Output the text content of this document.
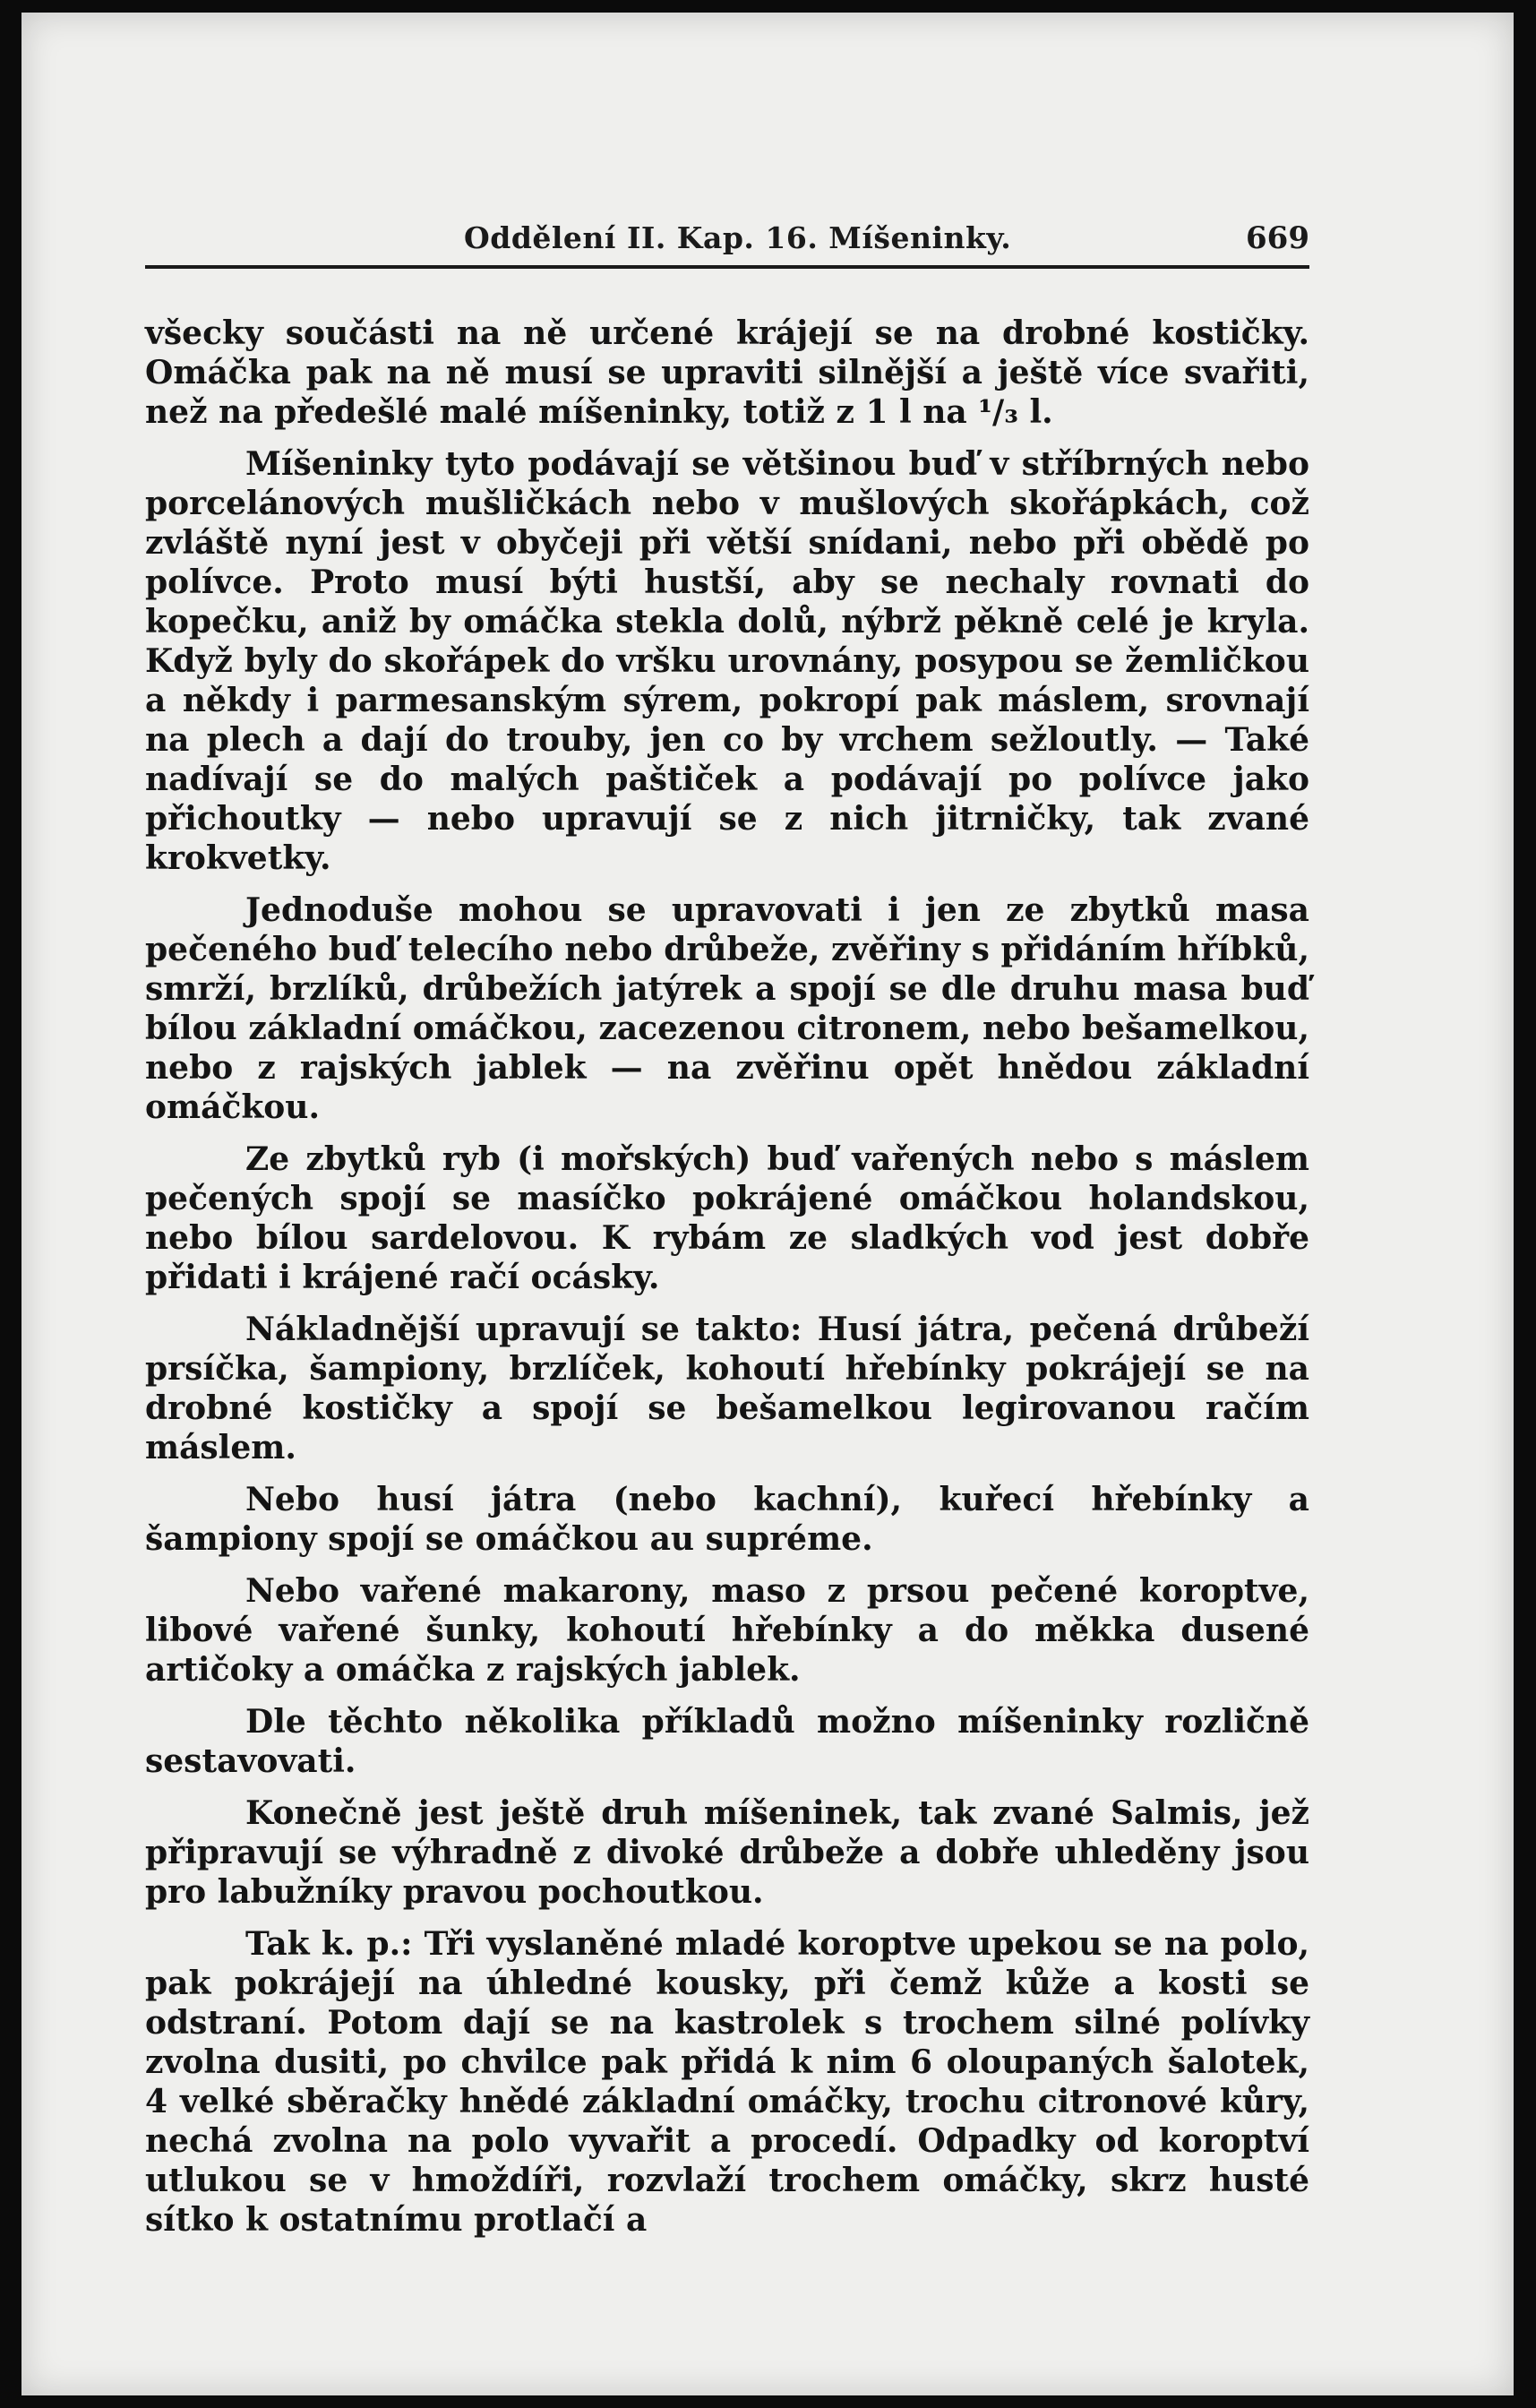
Oddělení II. Kap. 16. Míšeninky.	669

všecky součásti na ně určené krájejí se na drobné kostičky. Omáčka pak na ně musí se upraviti silnější a ještě více svařiti, než na předešlé malé míšeninky, totiž z 1 l na ¹/₃ l.

Míšeninky tyto podávají se většinou buď v stříbrných nebo porcelánových mušličkách nebo v mušlových skořápkách, což zvláště nyní jest v obyčeji při větší snídani, nebo při obědě po polívce. Proto musí býti hustší, aby se nechaly rovnati do kopečku, aniž by omáčka stekla dolů, nýbrž pěkně celé je kryla. Když byly do skořápek do vršku urovnány, posypou se žemličkou a někdy i parmesanským sýrem, pokropí pak máslem, srovnají na plech a dají do trouby, jen co by vrchem sežloutly. — Také nadívají se do malých paštiček a podávají po polívce jako přichoutky — nebo upravují se z nich jitrničky, tak zvané krokvetky.

Jednoduše mohou se upravovati i jen ze zbytků masa pečeného buď telecího nebo drůbeže, zvěřiny s přidáním hříbků, smrží, brzlíků, drůbežích jatýrek a spojí se dle druhu masa buď bílou základní omáčkou, zacezenou citronem, nebo bešamelkou, nebo z rajských jablek — na zvěřinu opět hnědou základní omáčkou.

Ze zbytků ryb (i mořských) buď vařených nebo s máslem pečených spojí se masíčko pokrájené omáčkou holandskou, nebo bílou sardelovou. K rybám ze sladkých vod jest dobře přidati i krájené račí ocásky.

Nákladnější upravují se takto: Husí játra, pečená drůbeží prsíčka, šampiony, brzlíček, kohoutí hřebínky pokrájejí se na drobné kostičky a spojí se bešamelkou legirovanou račím máslem.

Nebo husí játra (nebo kachní), kuřecí hřebínky a šampiony spojí se omáčkou au supréme.

Nebo vařené makarony, maso z prsou pečené koroptve, libové vařené šunky, kohoutí hřebínky a do měkka dusené artičoky a omáčka z rajských jablek.

Dle těchto několika příkladů možno míšeninky rozličně sestavovati.

Konečně jest ještě druh míšeninek, tak zvané Salmis, jež připravují se výhradně z divoké drůbeže a dobře uhleděny jsou pro labužníky pravou pochoutkou.

Tak k. p.: Tři vyslaněné mladé koroptve upekou se na polo, pak pokrájejí na úhledné kousky, při čemž kůže a kosti se odstraní. Potom dají se na kastrolek s trochem silné polívky zvolna dusiti, po chvilce pak přidá k nim 6 oloupaných šalotek, 4 velké sběračky hnědé základní omáčky, trochu citronové kůry, nechá zvolna na polo vyvařit a procedí. Odpadky od koroptví utlukou se v hmoždíři, rozvlaží trochem omáčky, skrz husté sítko k ostatnímu protlačí a
